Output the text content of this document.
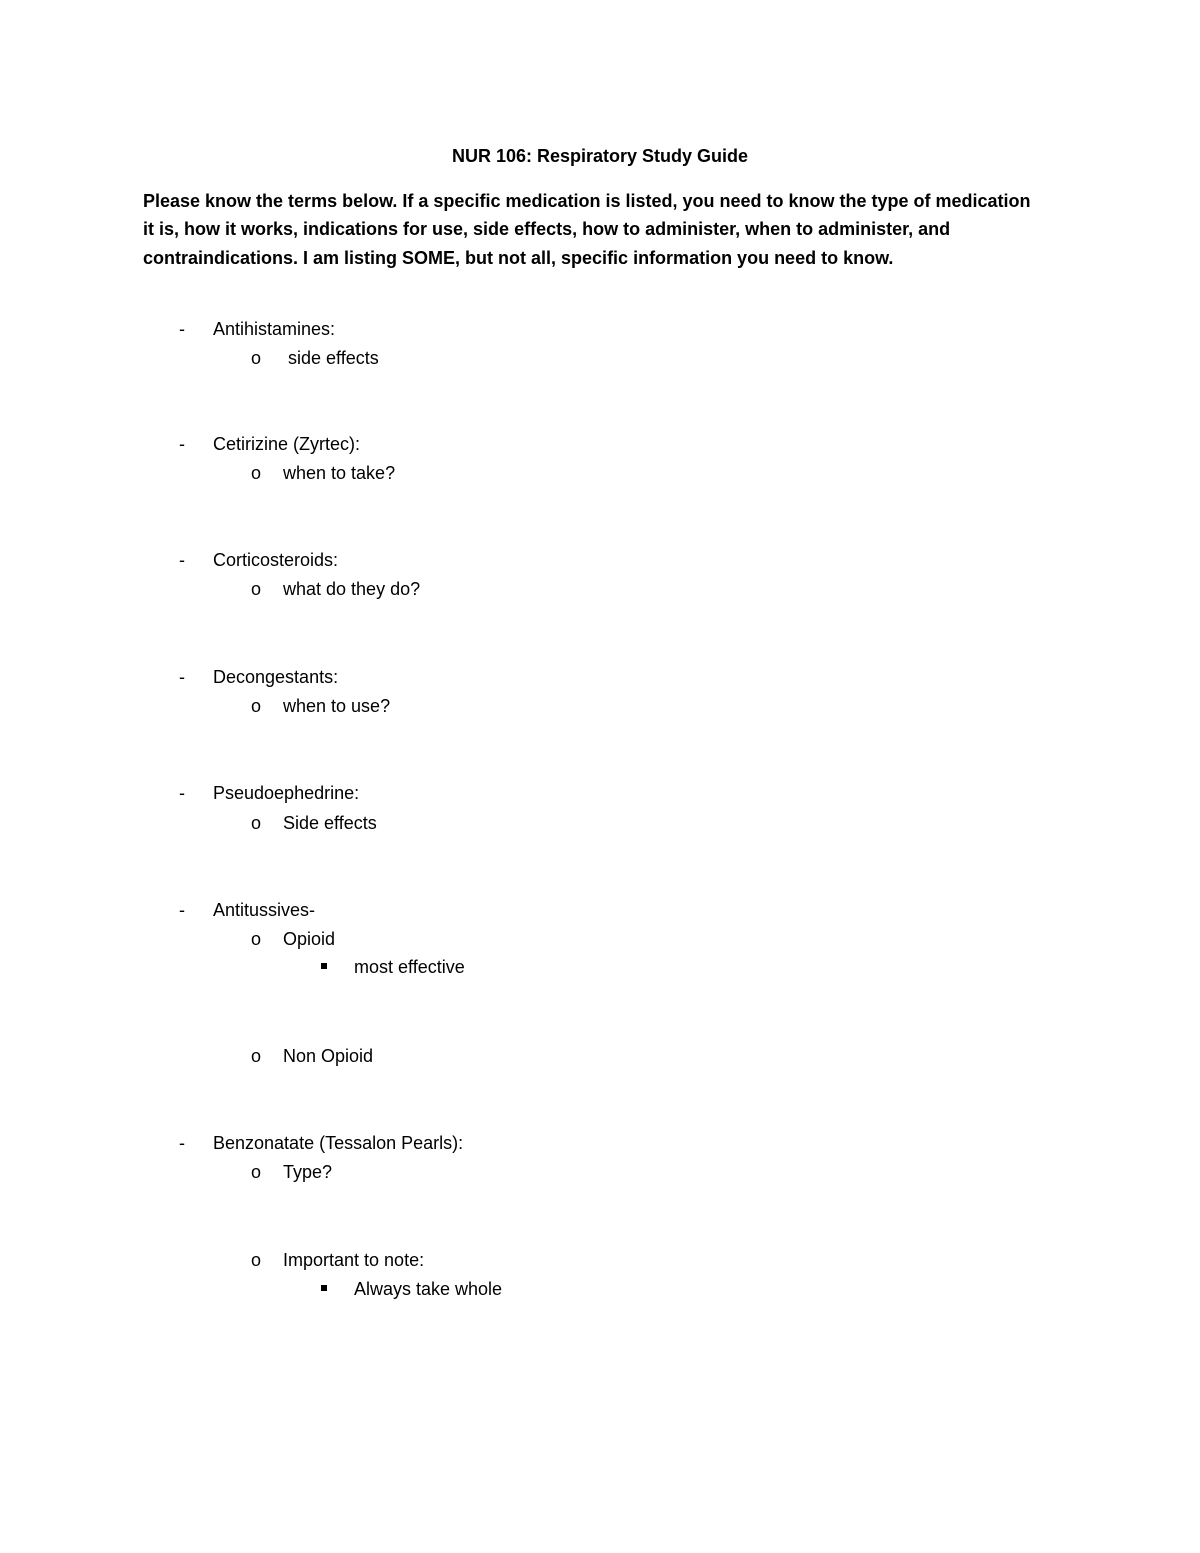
NUR 106: Respiratory Study Guide
Please know the terms below. If a specific medication is listed, you need to know the type of medication it is, how it works, indications for use, side effects, how to administer, when to administer, and contraindications. I am listing SOME, but not all, specific information you need to know.
- Antihistamines:
o side effects
- Cetirizine (Zyrtec):
o when to take?
- Corticosteroids:
o what do they do?
- Decongestants:
o when to use?
- Pseudoephedrine:
o Side effects
- Antitussives-
o Opioid
most effective
o Non Opioid
- Benzonatate (Tessalon Pearls):
o Type?
o Important to note:
Always take whole
